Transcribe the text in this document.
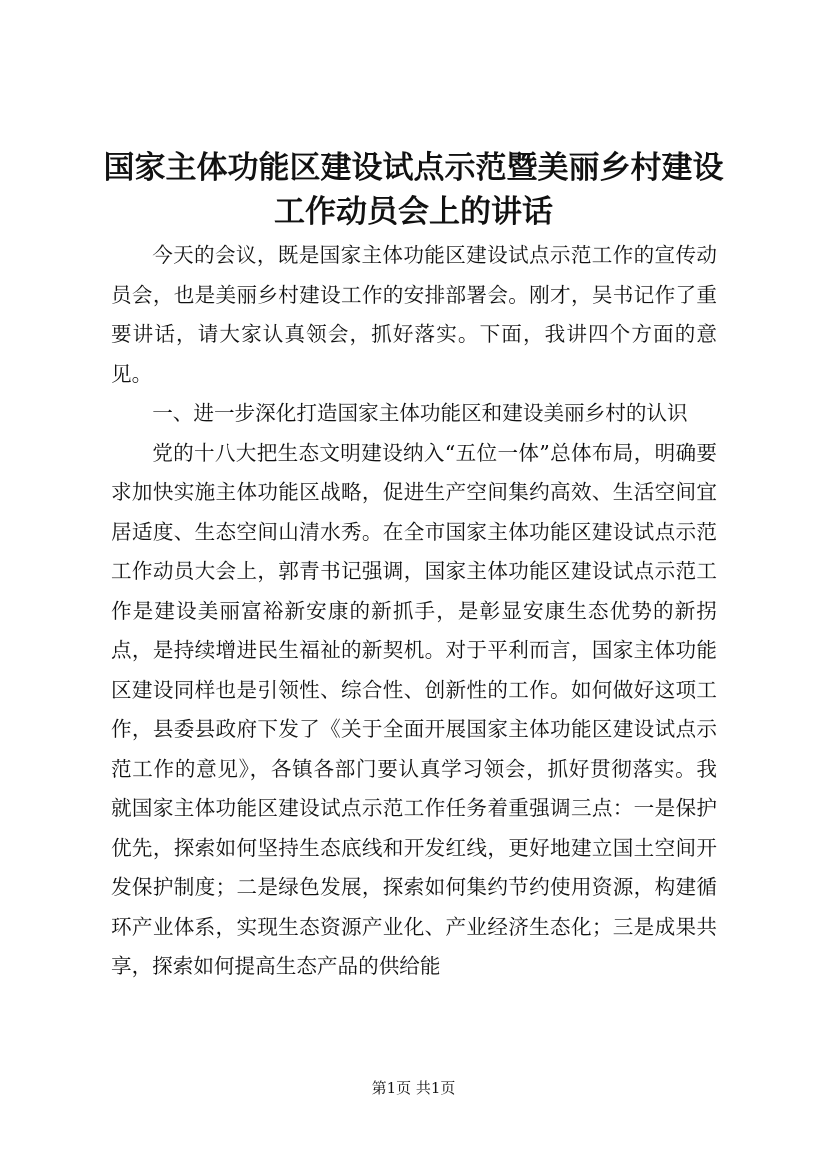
国家主体功能区建设试点示范暨美丽乡村建设
工作动员会上的讲话

今天的会议，既是国家主体功能区建设试点示范工作的宣传动员会，也是美丽乡村建设工作的安排部署会。刚才，吴书记作了重要讲话，请大家认真领会，抓好落实。下面，我讲四个方面的意见。

一、进一步深化打造国家主体功能区和建设美丽乡村的认识

党的十八大把生态文明建设纳入“五位一体”总体布局，明确要求加快实施主体功能区战略，促进生产空间集约高效、生活空间宜居适度、生态空间山清水秀。在全市国家主体功能区建设试点示范工作动员大会上，郭青书记强调，国家主体功能区建设试点示范工作是建设美丽富裕新安康的新抓手，是彰显安康生态优势的新拐点，是持续增进民生福祉的新契机。对于平利而言，国家主体功能区建设同样也是引领性、综合性、创新性的工作。如何做好这项工作，县委县政府下发了《关于全面开展国家主体功能区建设试点示范工作的意见》，各镇各部门要认真学习领会，抓好贯彻落实。我就国家主体功能区建设试点示范工作任务着重强调三点：一是保护优先，探索如何坚持生态底线和开发红线，更好地建立国土空间开发保护制度；二是绿色发展，探索如何集约节约使用资源，构建循环产业体系，实现生态资源产业化、产业经济生态化；三是成果共享，探索如何提高生态产品的供给能

第1页 共1页
